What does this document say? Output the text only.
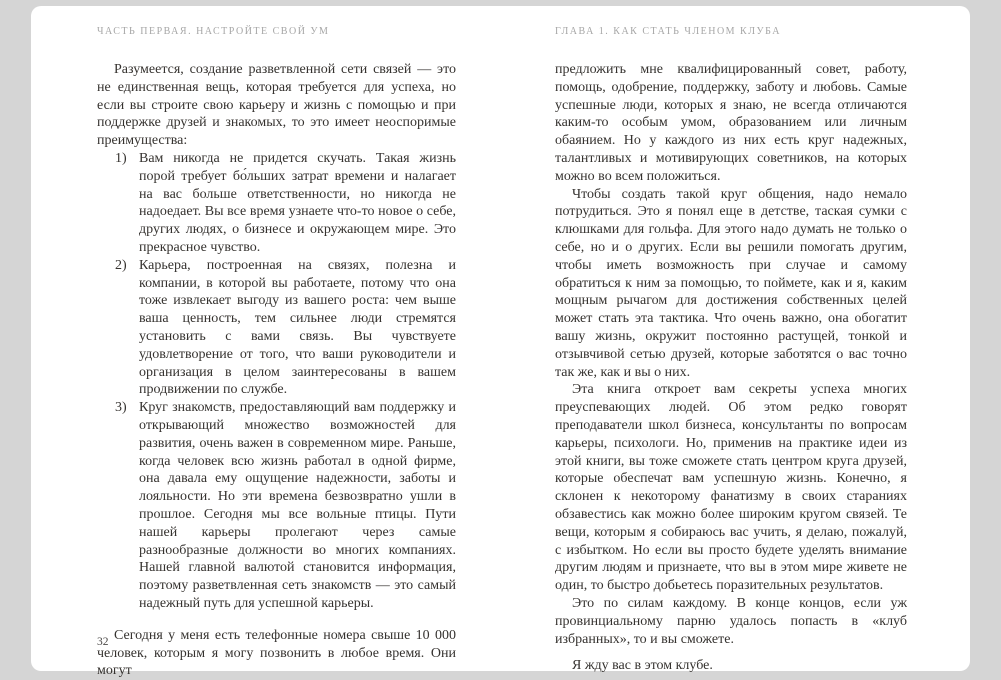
ЧАСТЬ ПЕРВАЯ. НАСТРОЙТЕ СВОЙ УМ	ГЛАВА 1. КАК СТАТЬ ЧЛЕНОМ КЛУБА

Разумеется, создание разветвленной сети связей — это не единственная вещь, которая требуется для успеха, но если вы строите свою карьеру и жизнь с помощью и при поддержке друзей и знакомых, то это имеет неоспоримые преимущества:

1) Вам никогда не придется скучать. Такая жизнь порой требует бо́льших затрат времени и налагает на вас больше ответственности, но никогда не надоедает. Вы все время узнаете что-то новое о себе, других людях, о бизнесе и окружающем мире. Это прекрасное чувство.
2) Карьера, построенная на связях, полезна и компании, в которой вы работаете, потому что она тоже извлекает выгоду из вашего роста: чем выше ваша ценность, тем сильнее люди стремятся установить с вами связь. Вы чувствуете удовлетворение от того, что ваши руководители и организация в целом заинтересованы в вашем продвижении по службе.
3) Круг знакомств, предоставляющий вам поддержку и открывающий множество возможностей для развития, очень важен в современном мире. Раньше, когда человек всю жизнь работал в одной фирме, она давала ему ощущение надежности, заботы и лояльности. Но эти времена безвозвратно ушли в прошлое. Сегодня мы все вольные птицы. Пути нашей карьеры пролегают через самые разнообразные должности во многих компаниях. Нашей главной валютой становится информация, поэтому разветвленная сеть знакомств — это самый надежный путь для успешной карьеры.

Сегодня у меня есть телефонные номера свыше 10 000 человек, которым я могу позвонить в любое время. Они могут

предложить мне квалифицированный совет, работу, помощь, одобрение, поддержку, заботу и любовь. Самые успешные люди, которых я знаю, не всегда отличаются каким-то особым умом, образованием или личным обаянием. Но у каждого из них есть круг надежных, талантливых и мотивирующих советников, на которых можно во всем положиться.

Чтобы создать такой круг общения, надо немало потрудиться. Это я понял еще в детстве, таская сумки с клюшками для гольфа. Для этого надо думать не только о себе, но и о других. Если вы решили помогать другим, чтобы иметь возможность при случае и самому обратиться к ним за помощью, то поймете, как и я, каким мощным рычагом для достижения собственных целей может стать эта тактика. Что очень важно, она обогатит вашу жизнь, окружит постоянно растущей, тонкой и отзывчивой сетью друзей, которые заботятся о вас точно так же, как и вы о них.

Эта книга откроет вам секреты успеха многих преуспевающих людей. Об этом редко говорят преподаватели школ бизнеса, консультанты по вопросам карьеры, психологи. Но, применив на практике идеи из этой книги, вы тоже сможете стать центром круга друзей, которые обеспечат вам успешную жизнь. Конечно, я склонен к некоторому фанатизму в своих стараниях обзавестись как можно более широким кругом связей. Те вещи, которым я собираюсь вас учить, я делаю, пожалуй, с избытком. Но если вы просто будете уделять внимание другим людям и признаете, что вы в этом мире живете не один, то быстро добьетесь поразительных результатов.

Это по силам каждому. В конце концов, если уж провинциальному парню удалось попасть в «клуб избранных», то и вы сможете.

Я жду вас в этом клубе.

32
